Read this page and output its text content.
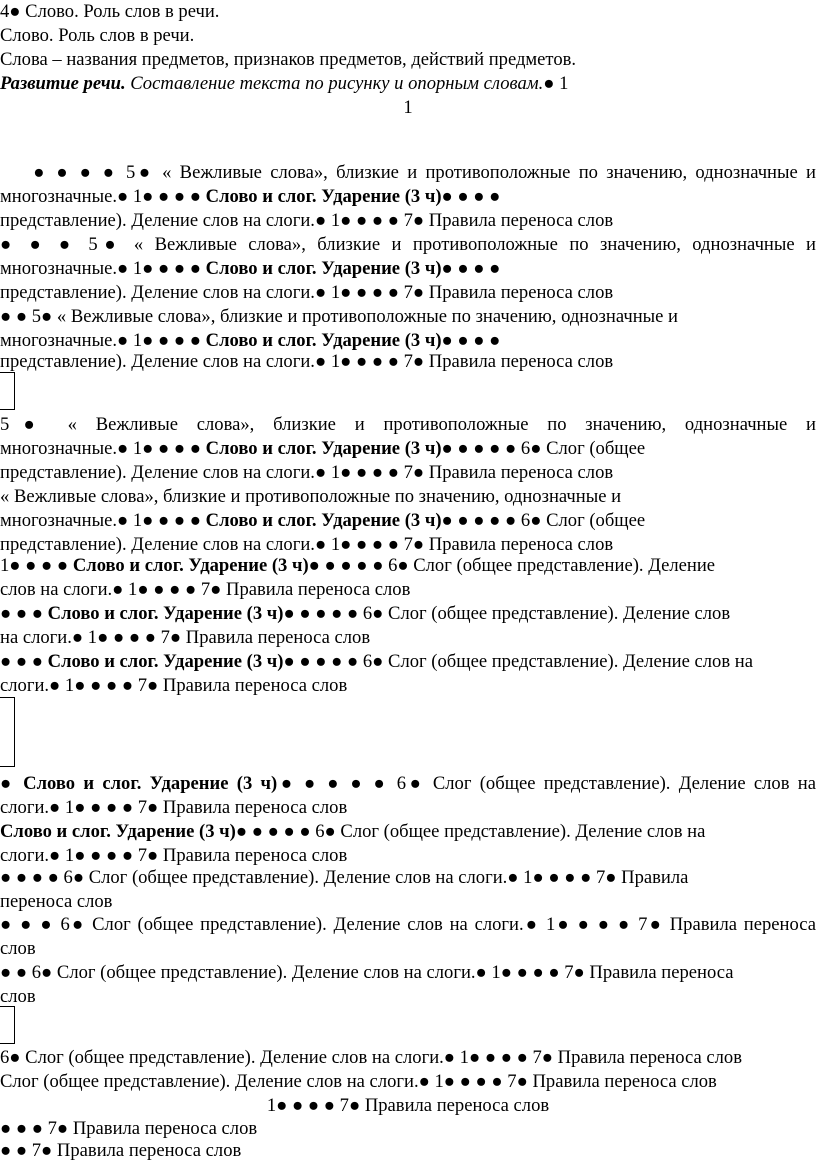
4● Слово. Роль слов в речи.
Слово. Роль слов в речи.
Слова – названия предметов, признаков предметов, действий предметов.
Развитие речи. Составление текста по рисунку и опорным словам.● 1
1
● ● ● ● 5● « Вежливые слова», близкие и противоположные по значению, однозначные и
многозначные.● 1● ● ● ● Слово и слог. Ударение (3 ч)● ● ● ●
представление). Деление слов на слоги.● 1● ● ● ● 7● Правила переноса слов
● ● ● 5● « Вежливые слова», близкие и противоположные по значению, однозначные и
многозначные.● 1● ● ● ● Слово и слог. Ударение (3 ч)● ● ● ●
представление). Деление слов на слоги.● 1● ● ● ● 7● Правила переноса слов
● ● 5● « Вежливые слова», близкие и противоположные по значению, однозначные и
многозначные.● 1● ● ● ● Слово и слог. Ударение (3 ч)● ● ● ●
представление). Деление слов на слоги.● 1● ● ● ● 7● Правила переноса слов
5● « Вежливые слова», близкие и противоположные по значению, однозначные и
многозначные.● 1● ● ● ● Слово и слог. Ударение (3 ч)● ● ● ● ● 6● Слог (общее
представление). Деление слов на слоги.● 1● ● ● ● 7● Правила переноса слов
« Вежливые слова», близкие и противоположные по значению, однозначные и
многозначные.● 1● ● ● ● Слово и слог. Ударение (3 ч)● ● ● ● ● 6● Слог (общее
представление). Деление слов на слоги.● 1● ● ● ● 7● Правила переноса слов
1● ● ● ● Слово и слог. Ударение (3 ч)● ● ● ● ● 6● Слог (общее представление). Деление
слов на слоги.● 1● ● ● ● 7● Правила переноса слов
● ● ● Слово и слог. Ударение (3 ч)● ● ● ● ● 6● Слог (общее представление). Деление слов
на слоги.● 1● ● ● ● 7● Правила переноса слов
● ● ● Слово и слог. Ударение (3 ч)● ● ● ● ● 6● Слог (общее представление). Деление слов на
слоги.● 1● ● ● ● 7● Правила переноса слов
● Слово и слог. Ударение (3 ч)● ● ● ● ● 6● Слог (общее представление). Деление слов на
слоги.● 1● ● ● ● 7● Правила переноса слов
Слово и слог. Ударение (3 ч)● ● ● ● ● 6● Слог (общее представление). Деление слов на
слоги.● 1● ● ● ● 7● Правила переноса слов
● ● ● ● 6● Слог (общее представление). Деление слов на слоги.● 1● ● ● ● 7● Правила
переноса слов
● ● ● 6● Слог (общее представление). Деление слов на слоги.● 1● ● ● ● 7● Правила переноса
слов
● ● 6● Слог (общее представление). Деление слов на слоги.● 1● ● ● ● 7● Правила переноса
слов
6● Слог (общее представление). Деление слов на слоги.● 1● ● ● ● 7● Правила переноса слов
Слог (общее представление). Деление слов на слоги.● 1● ● ● ● 7● Правила переноса слов
1● ● ● ● 7● Правила переноса слов
● ● ● 7● Правила переноса слов
● ● 7● Правила переноса слов
